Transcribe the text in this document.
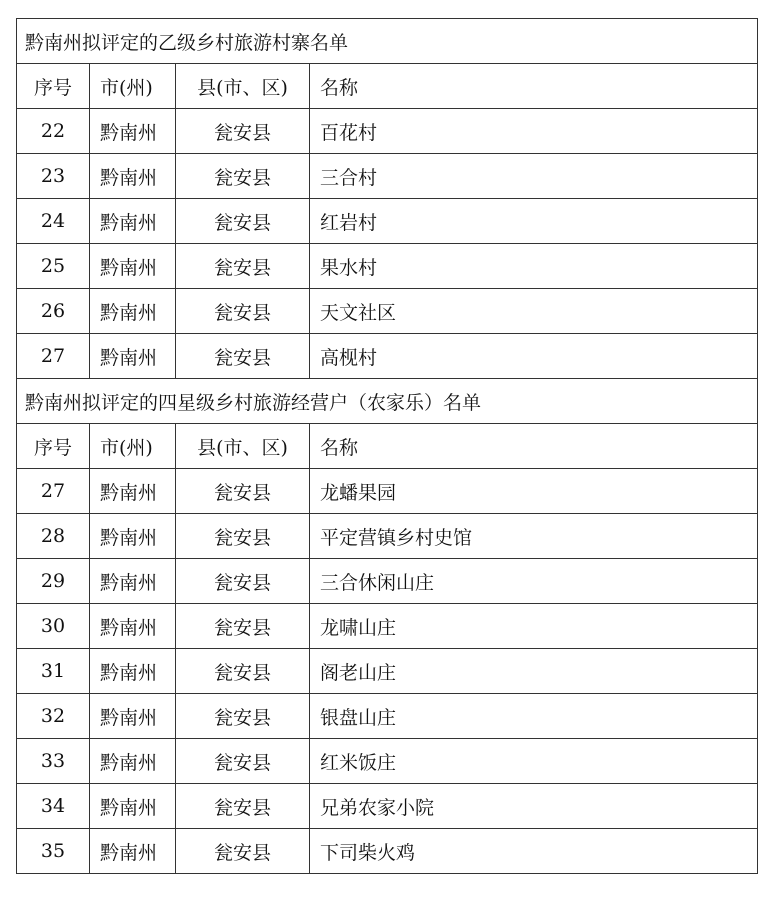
黔南州拟评定的乙级乡村旅游村寨名单			
序号	市(州)	县(市、区)	名称
22	黔南州	瓮安县	百花村
23	黔南州	瓮安县	三合村
24	黔南州	瓮安县	红岩村
25	黔南州	瓮安县	果水村
26	黔南州	瓮安县	天文社区
27	黔南州	瓮安县	高枧村
黔南州拟评定的四星级乡村旅游经营户（农家乐）名单			
序号	市(州)	县(市、区)	名称
27	黔南州	瓮安县	龙蟠果园
28	黔南州	瓮安县	平定营镇乡村史馆
29	黔南州	瓮安县	三合休闲山庄
30	黔南州	瓮安县	龙啸山庄
31	黔南州	瓮安县	阁老山庄
32	黔南州	瓮安县	银盘山庄
33	黔南州	瓮安县	红米饭庄
34	黔南州	瓮安县	兄弟农家小院
35	黔南州	瓮安县	下司柴火鸡
